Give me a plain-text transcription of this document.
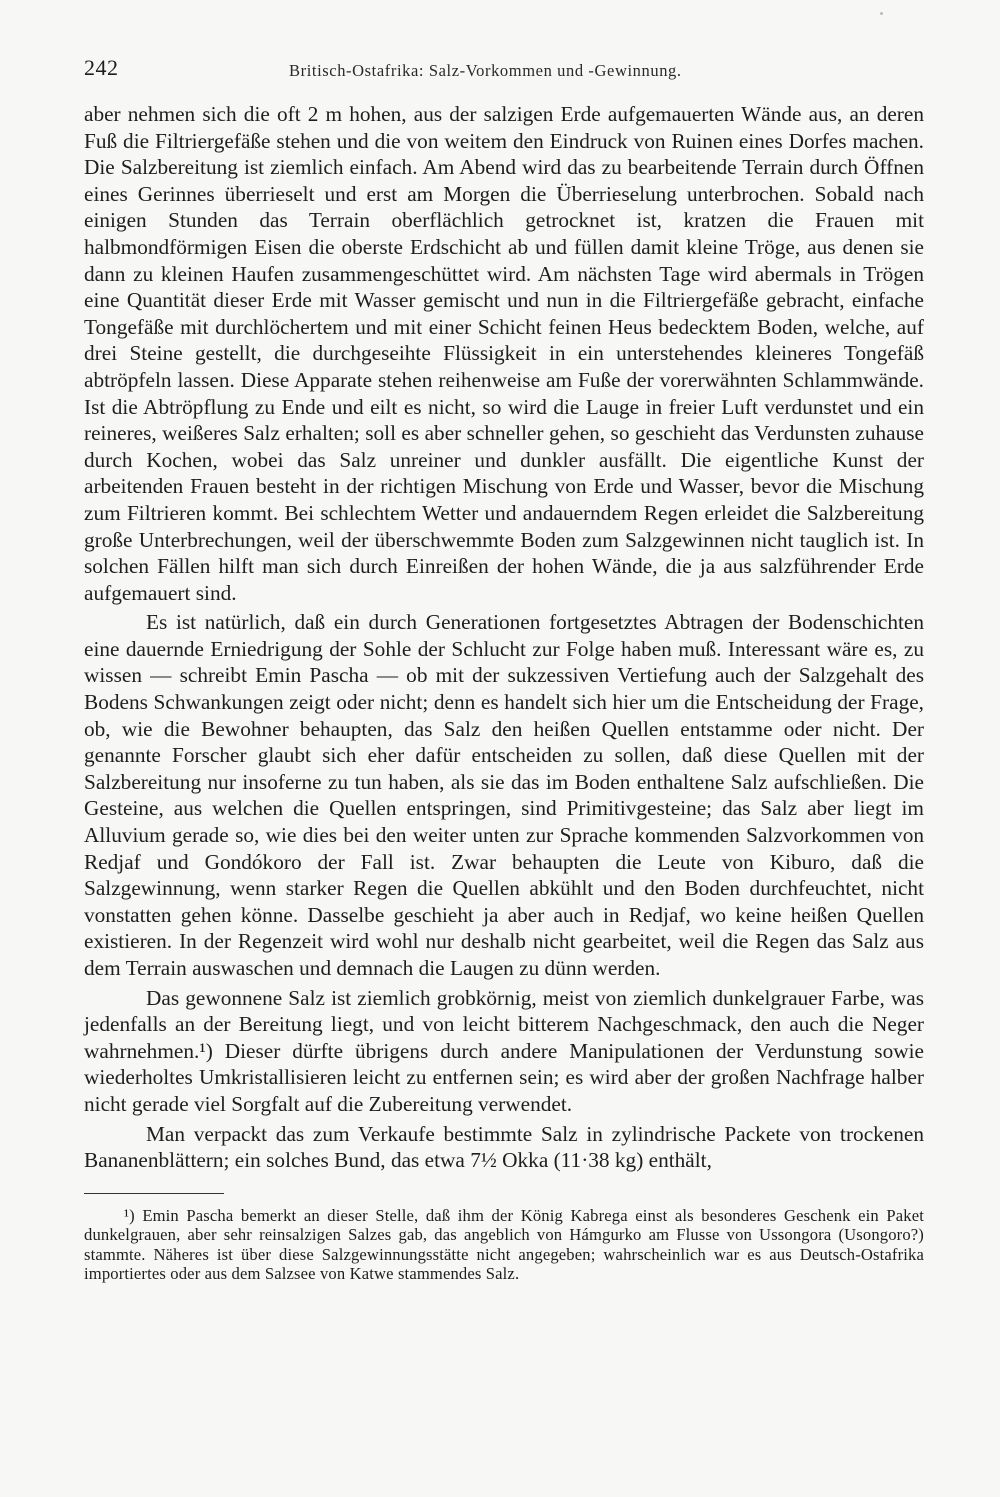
242	Britisch-Ostafrika: Salz-Vorkommen und -Gewinnung.

aber nehmen sich die oft 2 m hohen, aus der salzigen Erde aufgemauerten Wände aus, an deren Fuß die Filtriergefäße stehen und die von weitem den Eindruck von Ruinen eines Dorfes machen. Die Salzbereitung ist ziemlich einfach. Am Abend wird das zu bearbeitende Terrain durch Öffnen eines Gerinnes überrieselt und erst am Morgen die Überrieselung unterbrochen. Sobald nach einigen Stunden das Terrain oberflächlich getrocknet ist, kratzen die Frauen mit halbmondförmigen Eisen die oberste Erdschicht ab und füllen damit kleine Tröge, aus denen sie dann zu kleinen Haufen zusammengeschüttet wird. Am nächsten Tage wird abermals in Trögen eine Quantität dieser Erde mit Wasser gemischt und nun in die Filtriergefäße gebracht, einfache Tongefäße mit durchlöchertem und mit einer Schicht feinen Heus bedecktem Boden, welche, auf drei Steine gestellt, die durchgeseihte Flüssigkeit in ein unterstehendes kleineres Tongefäß abtröpfeln lassen. Diese Apparate stehen reihenweise am Fuße der vorerwähnten Schlammwände. Ist die Abtröpflung zu Ende und eilt es nicht, so wird die Lauge in freier Luft verdunstet und ein reineres, weißeres Salz erhalten; soll es aber schneller gehen, so geschieht das Verdunsten zuhause durch Kochen, wobei das Salz unreiner und dunkler ausfällt. Die eigentliche Kunst der arbeitenden Frauen besteht in der richtigen Mischung von Erde und Wasser, bevor die Mischung zum Filtrieren kommt. Bei schlechtem Wetter und andauerndem Regen erleidet die Salzbereitung große Unterbrechungen, weil der überschwemmte Boden zum Salzgewinnen nicht tauglich ist. In solchen Fällen hilft man sich durch Einreißen der hohen Wände, die ja aus salzführender Erde aufgemauert sind.

Es ist natürlich, daß ein durch Generationen fortgesetztes Abtragen der Bodenschichten eine dauernde Erniedrigung der Sohle der Schlucht zur Folge haben muß. Interessant wäre es, zu wissen — schreibt Emin Pascha — ob mit der sukzessiven Vertiefung auch der Salzgehalt des Bodens Schwankungen zeigt oder nicht; denn es handelt sich hier um die Entscheidung der Frage, ob, wie die Bewohner behaupten, das Salz den heißen Quellen entstamme oder nicht. Der genannte Forscher glaubt sich eher dafür entscheiden zu sollen, daß diese Quellen mit der Salzbereitung nur insoferne zu tun haben, als sie das im Boden enthaltene Salz aufschließen. Die Gesteine, aus welchen die Quellen entspringen, sind Primitivgesteine; das Salz aber liegt im Alluvium gerade so, wie dies bei den weiter unten zur Sprache kommenden Salzvorkommen von Redjaf und Gondókoro der Fall ist. Zwar behaupten die Leute von Kiburo, daß die Salzgewinnung, wenn starker Regen die Quellen abkühlt und den Boden durchfeuchtet, nicht vonstatten gehen könne. Dasselbe geschieht ja aber auch in Redjaf, wo keine heißen Quellen existieren. In der Regenzeit wird wohl nur deshalb nicht gearbeitet, weil die Regen das Salz aus dem Terrain auswaschen und demnach die Laugen zu dünn werden.

Das gewonnene Salz ist ziemlich grobkörnig, meist von ziemlich dunkelgrauer Farbe, was jedenfalls an der Bereitung liegt, und von leicht bitterem Nachgeschmack, den auch die Neger wahrnehmen.¹) Dieser dürfte übrigens durch andere Manipulationen der Verdunstung sowie wiederholtes Umkristallisieren leicht zu entfernen sein; es wird aber der großen Nachfrage halber nicht gerade viel Sorgfalt auf die Zubereitung verwendet.

Man verpackt das zum Verkaufe bestimmte Salz in zylindrische Packete von trockenen Bananenblättern; ein solches Bund, das etwa 7½ Okka (11·38 kg) enthält,

¹) Emin Pascha bemerkt an dieser Stelle, daß ihm der König Kabrega einst als besonderes Geschenk ein Paket dunkelgrauen, aber sehr reinsalzigen Salzes gab, das angeblich von Hámgurko am Flusse von Ussongora (Usongoro?) stammte. Näheres ist über diese Salzgewinnungsstätte nicht angegeben; wahrscheinlich war es aus Deutsch-Ostafrika importiertes oder aus dem Salzsee von Katwe stammendes Salz.
